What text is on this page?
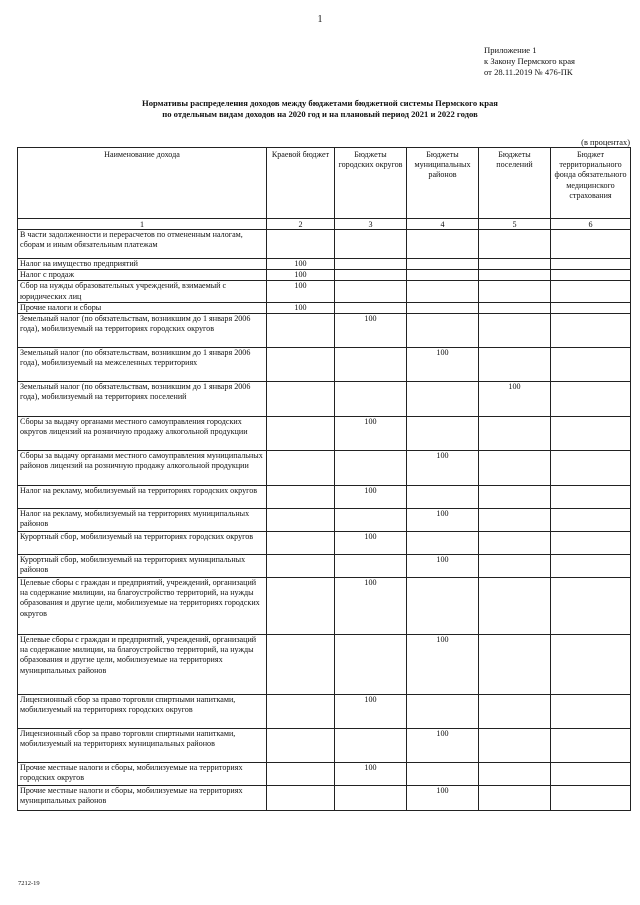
1
Приложение 1
к Закону Пермского края
от 28.11.2019 № 476-ПК
Нормативы распределения доходов между бюджетами бюджетной системы Пермского края
по отдельным видам доходов на 2020 год и на плановый период 2021 и 2022 годов
(в процентах)
Наименование дохода	Краевой бюджет	Бюджеты городских округов	Бюджеты муниципальных районов	Бюджеты поселений	Бюджет территориального фонда обязательного медицинского страхования
1	2	3	4	5	6
В части задолженности и перерасчетов по отмененным налогам, сборам и иным обязательным платежам					
Налог на имущество предприятий	100				
Налог с продаж	100				
Сбор на нужды образовательных учреждений, взимаемый с юридических лиц	100				
Прочие налоги и сборы	100				
Земельный налог (по обязательствам, возникшим до 1 января 2006 года), мобилизуемый на территориях городских округов		100			
Земельный налог (по обязательствам, возникшим до 1 января 2006 года), мобилизуемый на межселенных территориях			100		
Земельный налог (по обязательствам, возникшим до 1 января 2006 года), мобилизуемый на территориях поселений				100	
Сборы за выдачу органами местного самоуправления городских округов лицензий на розничную продажу алкогольной продукции		100			
Сборы за выдачу органами местного самоуправления муниципальных районов лицензий на розничную продажу алкогольной продукции			100		
Налог на рекламу, мобилизуемый на территориях городских округов		100			
Налог на рекламу, мобилизуемый на территориях муниципальных районов			100		
Курортный сбор, мобилизуемый на территориях городских округов		100			
Курортный сбор, мобилизуемый на территориях муниципальных районов			100		
Целевые сборы с граждан и предприятий, учреждений, организаций на содержание милиции, на благоустройство территорий, на нужды образования и другие цели, мобилизуемые на территориях городских округов		100			
Целевые сборы с граждан и предприятий, учреждений, организаций на содержание милиции, на благоустройство территорий, на нужды образования и другие цели, мобилизуемые на территориях муниципальных районов			100		
Лицензионный сбор за право торговли спиртными напитками, мобилизуемый на территориях городских округов		100			
Лицензионный сбор за право торговли спиртными напитками, мобилизуемый на территориях муниципальных районов			100		
Прочие местные налоги и сборы, мобилизуемые на территориях городских округов		100			
Прочие местные налоги и сборы, мобилизуемые на территориях муниципальных районов			100		
7212-19
